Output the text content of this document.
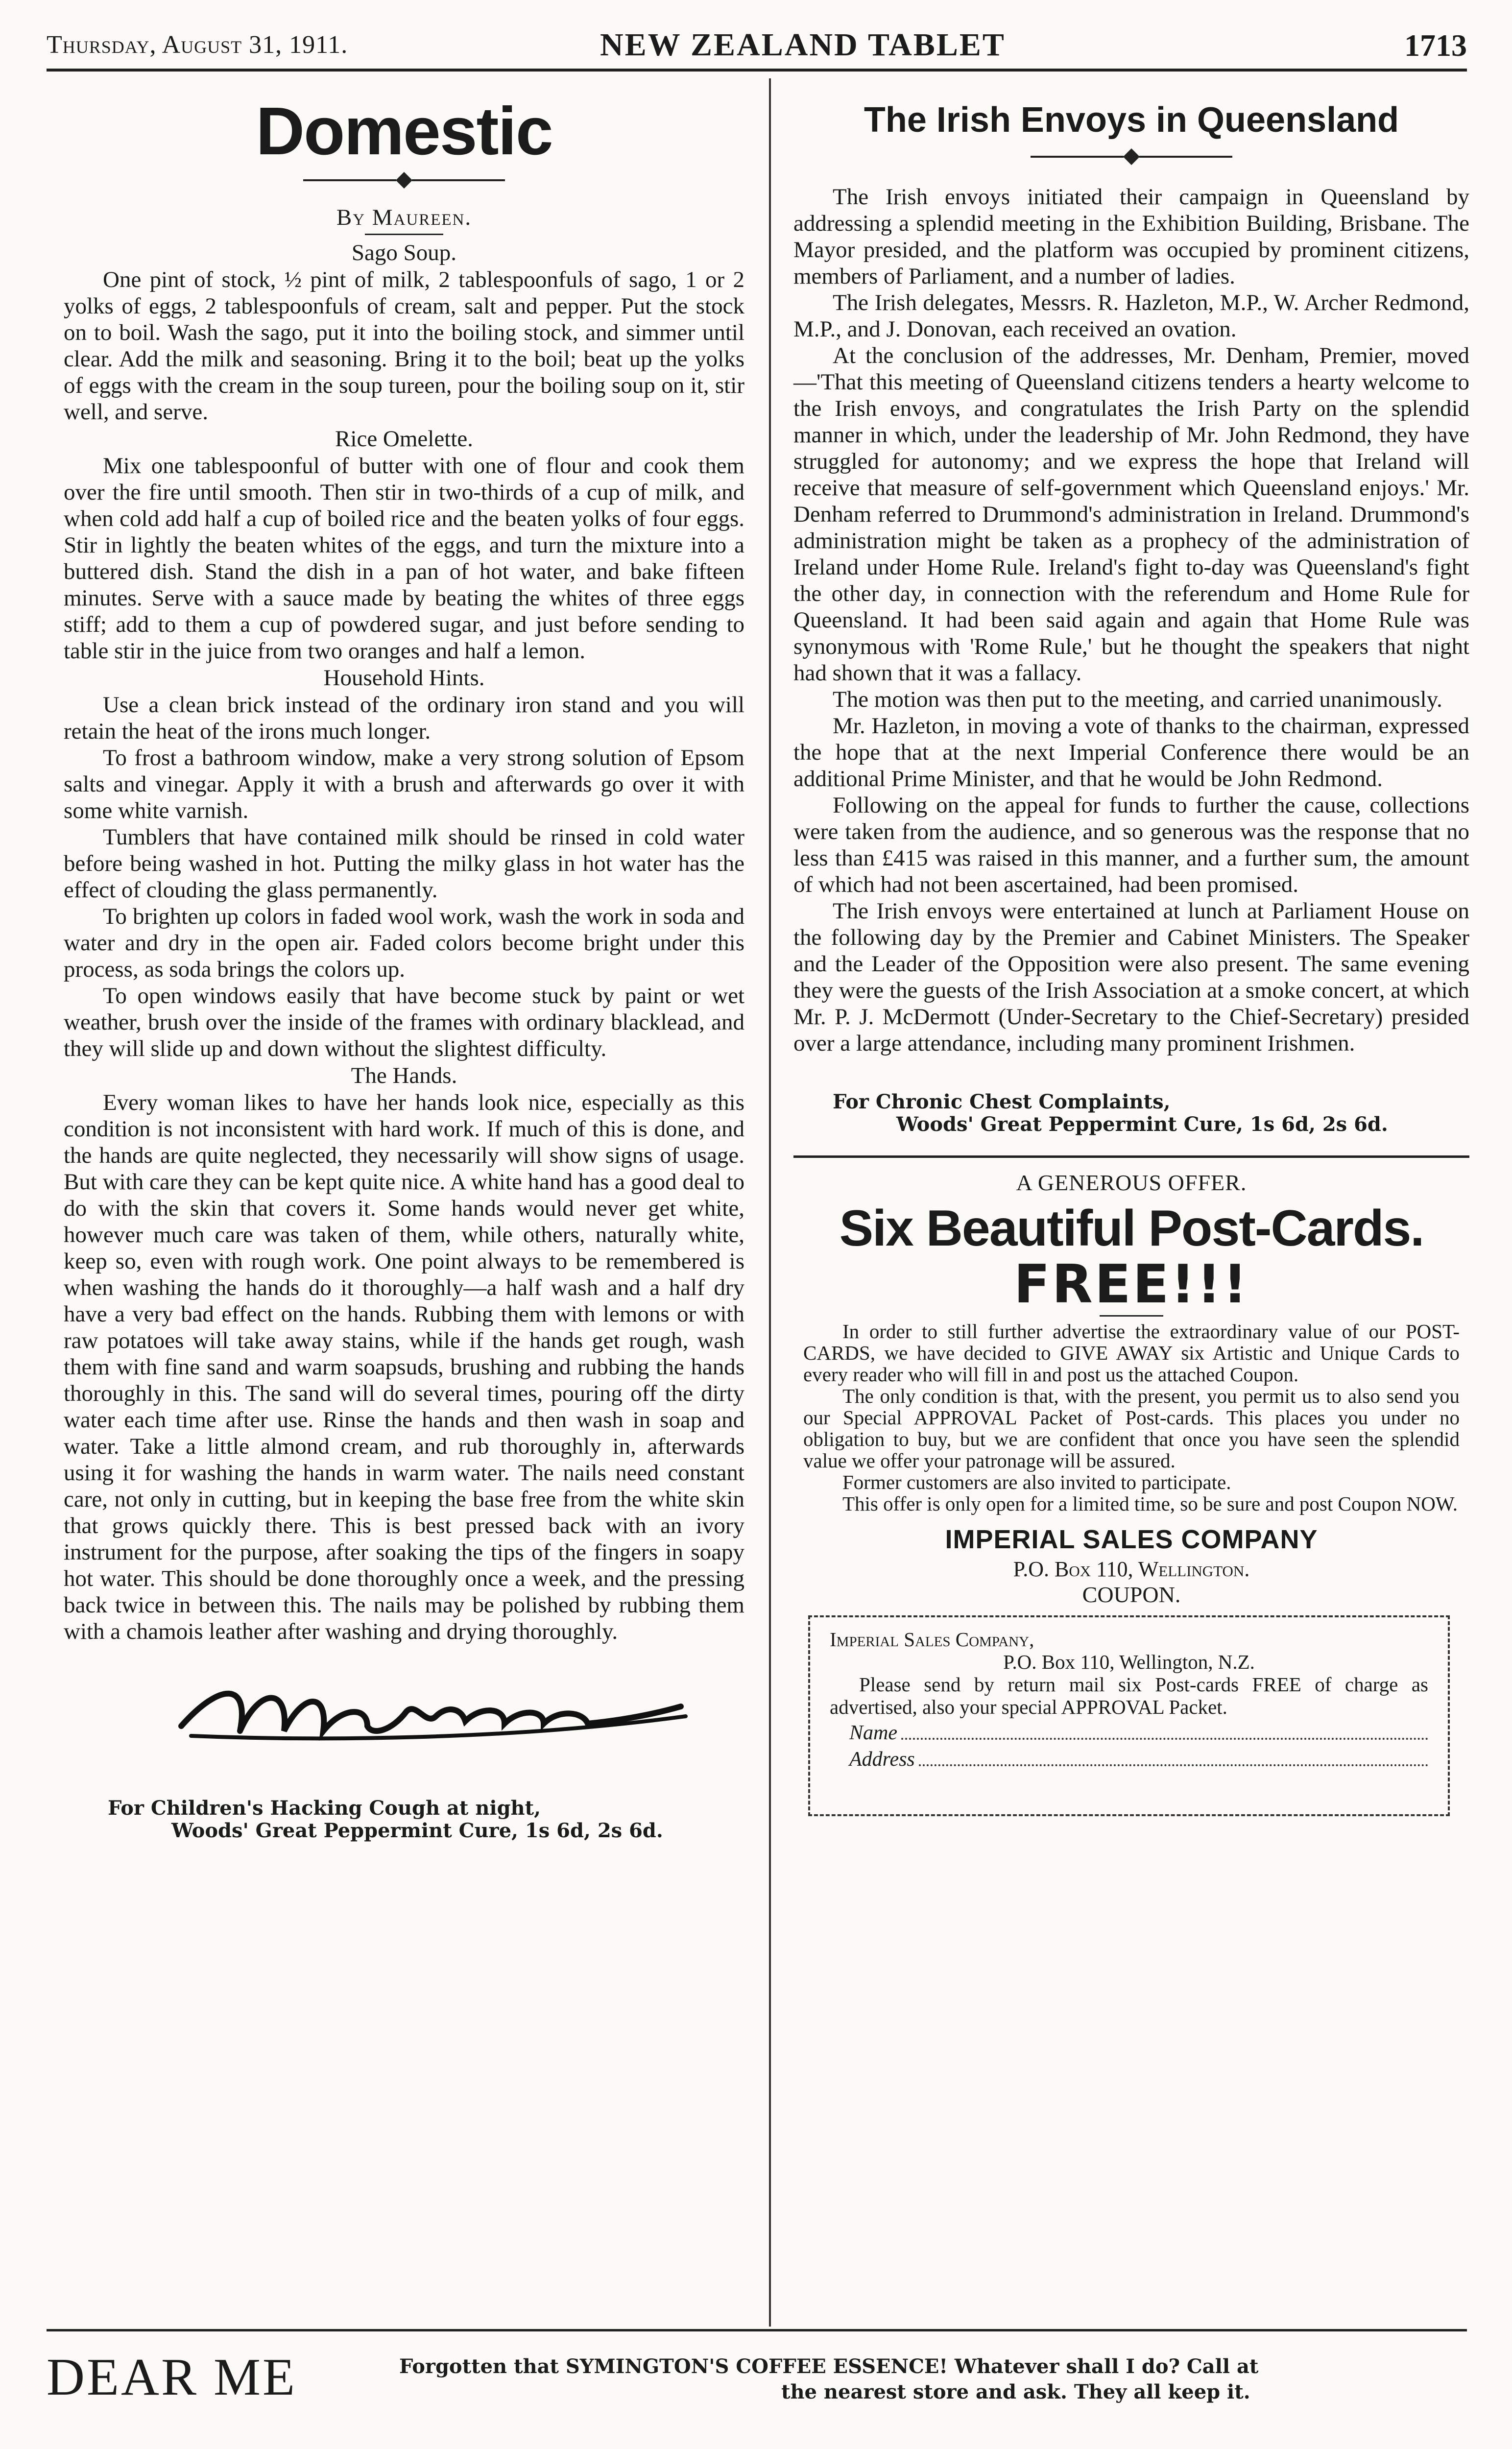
Thursday, August 31, 1911.	NEW ZEALAND TABLET	1713
Domestic
By Maureen.
Sago Soup.

One pint of stock, ½ pint of milk, 2 tablespoonfuls of sago, 1 or 2 yolks of eggs, 2 tablespoonfuls of cream, salt and pepper. Put the stock on to boil. Wash the sago, put it into the boiling stock, and simmer until clear. Add the milk and seasoning. Bring it to the boil; beat up the yolks of eggs with the cream in the soup tureen, pour the boiling soup on it, stir well, and serve.

Rice Omelette.

Mix one tablespoonful of butter with one of flour and cook them over the fire until smooth. Then stir in two-thirds of a cup of milk, and when cold add half a cup of boiled rice and the beaten yolks of four eggs. Stir in lightly the beaten whites of the eggs, and turn the mixture into a buttered dish. Stand the dish in a pan of hot water, and bake fifteen minutes. Serve with a sauce made by beating the whites of three eggs stiff; add to them a cup of powdered sugar, and just before sending to table stir in the juice from two oranges and half a lemon.

Household Hints.

Use a clean brick instead of the ordinary iron stand and you will retain the heat of the irons much longer.

To frost a bathroom window, make a very strong solution of Epsom salts and vinegar. Apply it with a brush and afterwards go over it with some white varnish.

Tumblers that have contained milk should be rinsed in cold water before being washed in hot. Putting the milky glass in hot water has the effect of clouding the glass permanently.

To brighten up colors in faded wool work, wash the work in soda and water and dry in the open air. Faded colors become bright under this process, as soda brings the colors up.

To open windows easily that have become stuck by paint or wet weather, brush over the inside of the frames with ordinary blacklead, and they will slide up and down without the slightest difficulty.

The Hands.

Every woman likes to have her hands look nice, especially as this condition is not inconsistent with hard work. If much of this is done, and the hands are quite neglected, they necessarily will show signs of usage. But with care they can be kept quite nice. A white hand has a good deal to do with the skin that covers it. Some hands would never get white, however much care was taken of them, while others, naturally white, keep so, even with rough work. One point always to be remembered is when washing the hands do it thoroughly—a half wash and a half dry have a very bad effect on the hands. Rubbing them with lemons or with raw potatoes will take away stains, while if the hands get rough, wash them with fine sand and warm soapsuds, brushing and rubbing the hands thoroughly in this. The sand will do several times, pouring off the dirty water each time after use. Rinse the hands and then wash in soap and water. Take a little almond cream, and rub thoroughly in, afterwards using it for washing the hands in warm water. The nails need constant care, not only in cutting, but in keeping the base free from the white skin that grows quickly there. This is best pressed back with an ivory instrument for the purpose, after soaking the tips of the fingers in soapy hot water. This should be done thoroughly once a week, and the pressing back twice in between this. The nails may be polished by rubbing them with a chamois leather after washing and drying thoroughly.

For Children's Hacking Cough at night,
Woods' Great Peppermint Cure, 1s 6d, 2s 6d.
The Irish Envoys in Queensland

The Irish envoys initiated their campaign in Queensland by addressing a splendid meeting in the Exhibition Building, Brisbane. The Mayor presided, and the platform was occupied by prominent citizens, members of Parliament, and a number of ladies.

The Irish delegates, Messrs. R. Hazleton, M.P., W. Archer Redmond, M.P., and J. Donovan, each received an ovation.

At the conclusion of the addresses, Mr. Denham, Premier, moved—'That this meeting of Queensland citizens tenders a hearty welcome to the Irish envoys, and congratulates the Irish Party on the splendid manner in which, under the leadership of Mr. John Redmond, they have struggled for autonomy; and we express the hope that Ireland will receive that measure of self-government which Queensland enjoys.' Mr. Denham referred to Drummond's administration in Ireland. Drummond's administration might be taken as a prophecy of the administration of Ireland under Home Rule. Ireland's fight to-day was Queensland's fight the other day, in connection with the referendum and Home Rule for Queensland. It had been said again and again that Home Rule was synonymous with 'Rome Rule,' but he thought the speakers that night had shown that it was a fallacy.

The motion was then put to the meeting, and carried unanimously.

Mr. Hazleton, in moving a vote of thanks to the chairman, expressed the hope that at the next Imperial Conference there would be an additional Prime Minister, and that he would be John Redmond.

Following on the appeal for funds to further the cause, collections were taken from the audience, and so generous was the response that no less than £415 was raised in this manner, and a further sum, the amount of which had not been ascertained, had been promised.

The Irish envoys were entertained at lunch at Parliament House on the following day by the Premier and Cabinet Ministers. The Speaker and the Leader of the Opposition were also present. The same evening they were the guests of the Irish Association at a smoke concert, at which Mr. P. J. McDermott (Under-Secretary to the Chief-Secretary) presided over a large attendance, including many prominent Irishmen.

For Chronic Chest Complaints,
Woods' Great Peppermint Cure, 1s 6d, 2s 6d.
A GENEROUS OFFER.
Six Beautiful Post-Cards.
FREE!!!

In order to still further advertise the extraordinary value of our POST-CARDS, we have decided to GIVE AWAY six Artistic and Unique Cards to every reader who will fill in and post us the attached Coupon.

The only condition is that, with the present, you permit us to also send you our Special APPROVAL Packet of Post-cards. This places you under no obligation to buy, but we are confident that once you have seen the splendid value we offer your patronage will be assured.

Former customers are also invited to participate.

This offer is only open for a limited time, so be sure and post Coupon NOW.

IMPERIAL SALES COMPANY
P.O. Box 110, Wellington.
COUPON.

Imperial Sales Company,

P.O. Box 110, Wellington, N.Z.

Please send by return mail six Post-cards FREE of charge as advertised, also your special APPROVAL Packet.

Name
Address
DEAR ME	Forgotten that SYMINGTON'S COFFEE ESSENCE! Whatever shall I do? Call at
the nearest store and ask. They all keep it.
